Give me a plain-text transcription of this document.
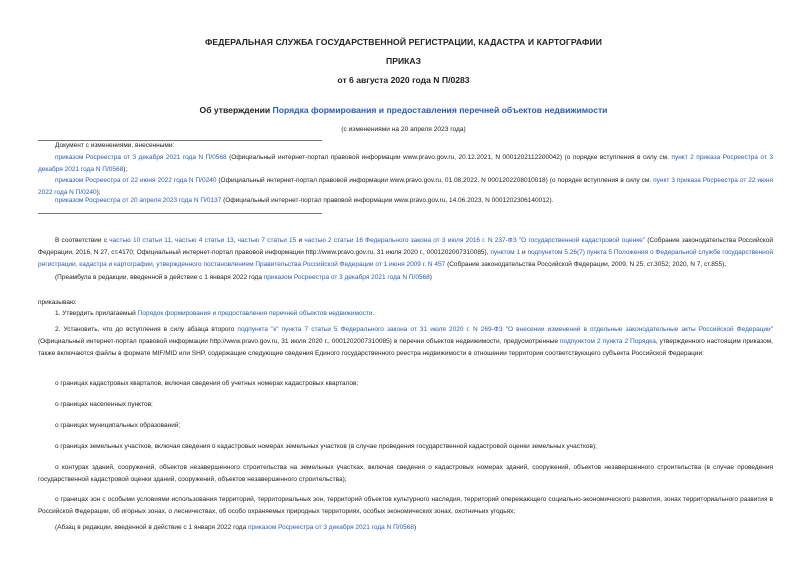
ФЕДЕРАЛЬНАЯ СЛУЖБА ГОСУДАРСТВЕННОЙ РЕГИСТРАЦИИ, КАДАСТРА И КАРТОГРАФИИ
ПРИКАЗ
от 6 августа 2020 года N П/0283
Об утверждении Порядка формирования и предоставления перечней объектов недвижимости
(с изменениями на 20 апреля 2023 года)
Документ с изменениями, внесенными:
приказом Росреестра от 3 декабря 2021 года N П/0568 (Официальный интернет-портал правовой информации www.pravo.gov.ru, 20.12.2021, N 0001202112200042) (о порядке вступления в силу см. пункт 2 приказа Росреестра от 3 декабря 2021 года N П/0568);
приказом Росреестра от 22 июня 2022 года N П/0240 (Официальный интернет-портал правовой информации www.pravo.gov.ru, 01.08.2022, N 0001202208010018) (о порядке вступления в силу см. пункт 3 приказа Росреестра от 22 июня 2022 года N П/0240);
приказом Росреестра от 20 апреля 2023 года N П/0137 (Официальный интернет-портал правовой информации www.pravo.gov.ru, 14.06.2023, N 0001202306140012).
В соответствии с частью 10 статьи 11, частью 4 статьи 13, частью 7 статьи 15 и частью 2 статьи 16 Федерального закона от 3 июля 2016 г. N 237-ФЗ "О государственной кадастровой оценке" (Собрание законодательства Российской Федерации, 2016, N 27, ст.4170; Официальный интернет-портал правовой информации http://www.pravo.gov.ru, 31 июля 2020 г., 0001202007310085), пунктом 1 и подпунктом 5.26(7) пункта 5 Положения о Федеральной службе государственной регистрации, кадастра и картографии, утвержденного постановлением Правительства Российской Федерации от 1 июня 2009 г. N 457 (Собрание законодательства Российской Федерации, 2009, N 25, ст.3052; 2020, N 7, ст.855),
(Преамбула в редакции, введенной в действие с 1 января 2022 года приказом Росреестра от 3 декабря 2021 года N П/0568)
приказываю:
1. Утвердить прилагаемый Порядок формирования и предоставления перечней объектов недвижимости.
2. Установить, что до вступления в силу абзаца второго подпункта "к" пункта 7 статьи 5 Федерального закона от 31 июля 2020 г. N 269-ФЗ "О внесении изменений в отдельные законодательные акты Российской Федерации" (Официальный интернет-портал правовой информации http://www.pravo.gov.ru, 31 июля 2020 г., 0001202007310085) в перечни объектов недвижимости, предусмотренные подпунктом 2 пункта 2 Порядка, утвержденного настоящим приказом, также включаются файлы в формате MIF/MID или SHP, содержащие следующие сведения Единого государственного реестра недвижимости в отношении территории соответствующего субъекта Российской Федерации:
о границах кадастровых кварталов, включая сведения об учетных номерах кадастровых кварталов;
о границах населенных пунктов;
о границах муниципальных образований;
о границах земельных участков, включая сведения о кадастровых номерах земельных участков (в случае проведения государственной кадастровой оценки земельных участков);
о контурах зданий, сооружений, объектов незавершенного строительства на земельных участках, включая сведения о кадастровых номерах зданий, сооружений, объектов незавершенного строительства (в случае проведения государственной кадастровой оценки зданий, сооружений, объектов незавершенного строительства);
о границах зон с особыми условиями использования территорий, территориальных зон, территорий объектов культурного наследия, территорий опережающего социально-экономического развития, зонах территориального развития в Российской Федерации, об игорных зонах, о лесничествах, об особо охраняемых природных территориях, особых экономических зонах, охотничьих угодьях;
(Абзац в редакции, введенной в действие с 1 января 2022 года приказом Росреестра от 3 декабря 2021 года N П/0568)
